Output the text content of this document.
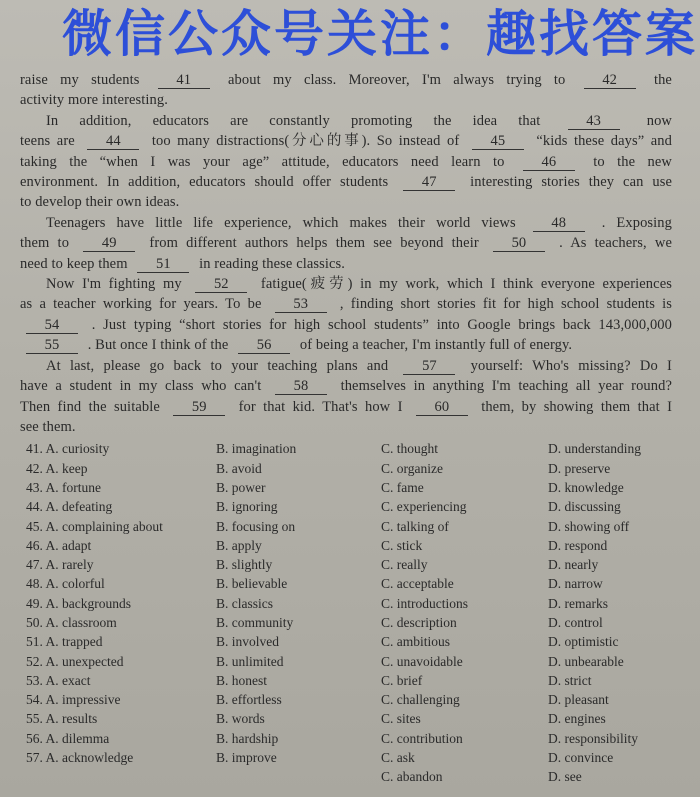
微信公众号关注：趣找答案
raise my students	41	about my class. Moreover, I'm always trying to	42	the
activity more interesting.
In addition, educators are constantly promoting the idea that	43	now
teens are 44 too many distractions(分心的事). So instead of 45 “kids these days” and
taking the “when I was your age” attitude, educators need learn to	46	to the new
environment. In addition, educators should offer students 47 interesting stories they can use
to develop their own ideas.
Teenagers have little life experience, which makes their world views 48 . Exposing
them to 49 from different authors helps them see beyond their 50 . As teachers, we
need to keep them 51 in reading these classics.
Now I'm fighting my 52 fatigue(疲劳) in my work, which I think everyone experiences
as a teacher working for years. To be 53 , finding short stories fit for high school students is
54 . Just typing “short stories for high school students” into Google brings back 143,000,000
55 . But once I think of the 56 of being a teacher, I'm instantly full of energy.
At last, please go back to your teaching plans and 57 yourself: Who's missing? Do I
have a student in my class who can't 58 themselves in anything I'm teaching all year round?
Then find the suitable 59 for that kid. That's how I 60 them, by showing them that I
see them.
41. A. curiosity	B. imagination	C. thought	D. understanding
42. A. keep	B. avoid	C. organize	D. preserve
43. A. fortune	B. power	C. fame	D. knowledge
44. A. defeating	B. ignoring	C. experiencing	D. discussing
45. A. complaining about	B. focusing on	C. talking of	D. showing off
46. A. adapt	B. apply	C. stick	D. respond
47. A. rarely	B. slightly	C. really	D. nearly
48. A. colorful	B. believable	C. acceptable	D. narrow
49. A. backgrounds	B. classics	C. introductions	D. remarks
50. A. classroom	B. community	C. description	D. control
51. A. trapped	B. involved	C. ambitious	D. optimistic
52. A. unexpected	B. unlimited	C. unavoidable	D. unbearable
53. A. exact	B. honest	C. brief	D. strict
54. A. impressive	B. effortless	C. challenging	D. pleasant
55. A. results	B. words	C. sites	D. engines
56. A. dilemma	B. hardship	C. contribution	D. responsibility
57. A. acknowledge	B. improve	C. ask	D. convince
C. abandon	D. see
